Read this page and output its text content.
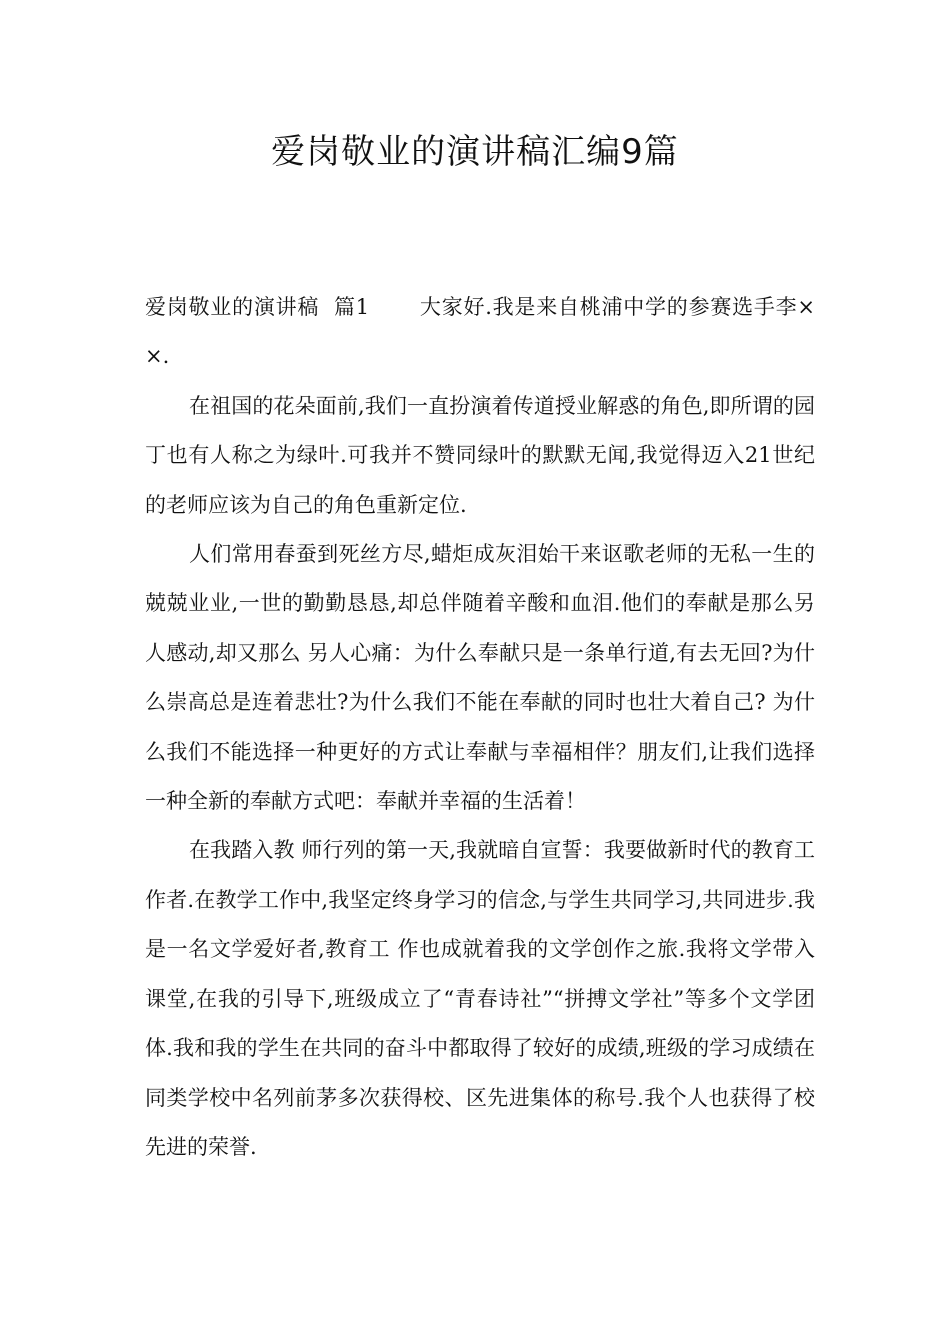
爱岗敬业的演讲稿汇编9篇

爱岗敬业的演讲稿  篇1 大家好.我是来自桃浦中学的参赛选手李××.

在祖国的花朵面前,我们一直扮演着传道授业解惑的角色,即所谓的园丁也有人称之为绿叶.可我并不赞同绿叶的默默无闻,我觉得迈入21世纪的老师应该为自己的角色重新定位.

人们常用春蚕到死丝方尽,蜡炬成灰泪始干来讴歌老师的无私一生的兢兢业业,一世的勤勤恳恳,却总伴随着辛酸和血泪.他们的奉献是那么另人感动,却又那么 另人心痛：为什么奉献只是一条单行道,有去无回?为什么崇高总是连着悲壮?为什么我们不能在奉献的同时也壮大着自己? 为什么我们不能选择一种更好的方式让奉献与幸福相伴？朋友们,让我们选择一种全新的奉献方式吧：奉献并幸福的生活着！

在我踏入教 师行列的第一天,我就暗自宣誓：我要做新时代的教育工作者.在教学工作中,我坚定终身学习的信念,与学生共同学习,共同进步.我是一名文学爱好者,教育工 作也成就着我的文学创作之旅.我将文学带入课堂,在我的引导下,班级成立了“青春诗社”“拼搏文学社”等多个文学团体.我和我的学生在共同的奋斗中都取得了较好的成绩,班级的学习成绩在同类学校中名列前茅多次获得校、区先进集体的称号.我个人也获得了校先进的荣誉.
